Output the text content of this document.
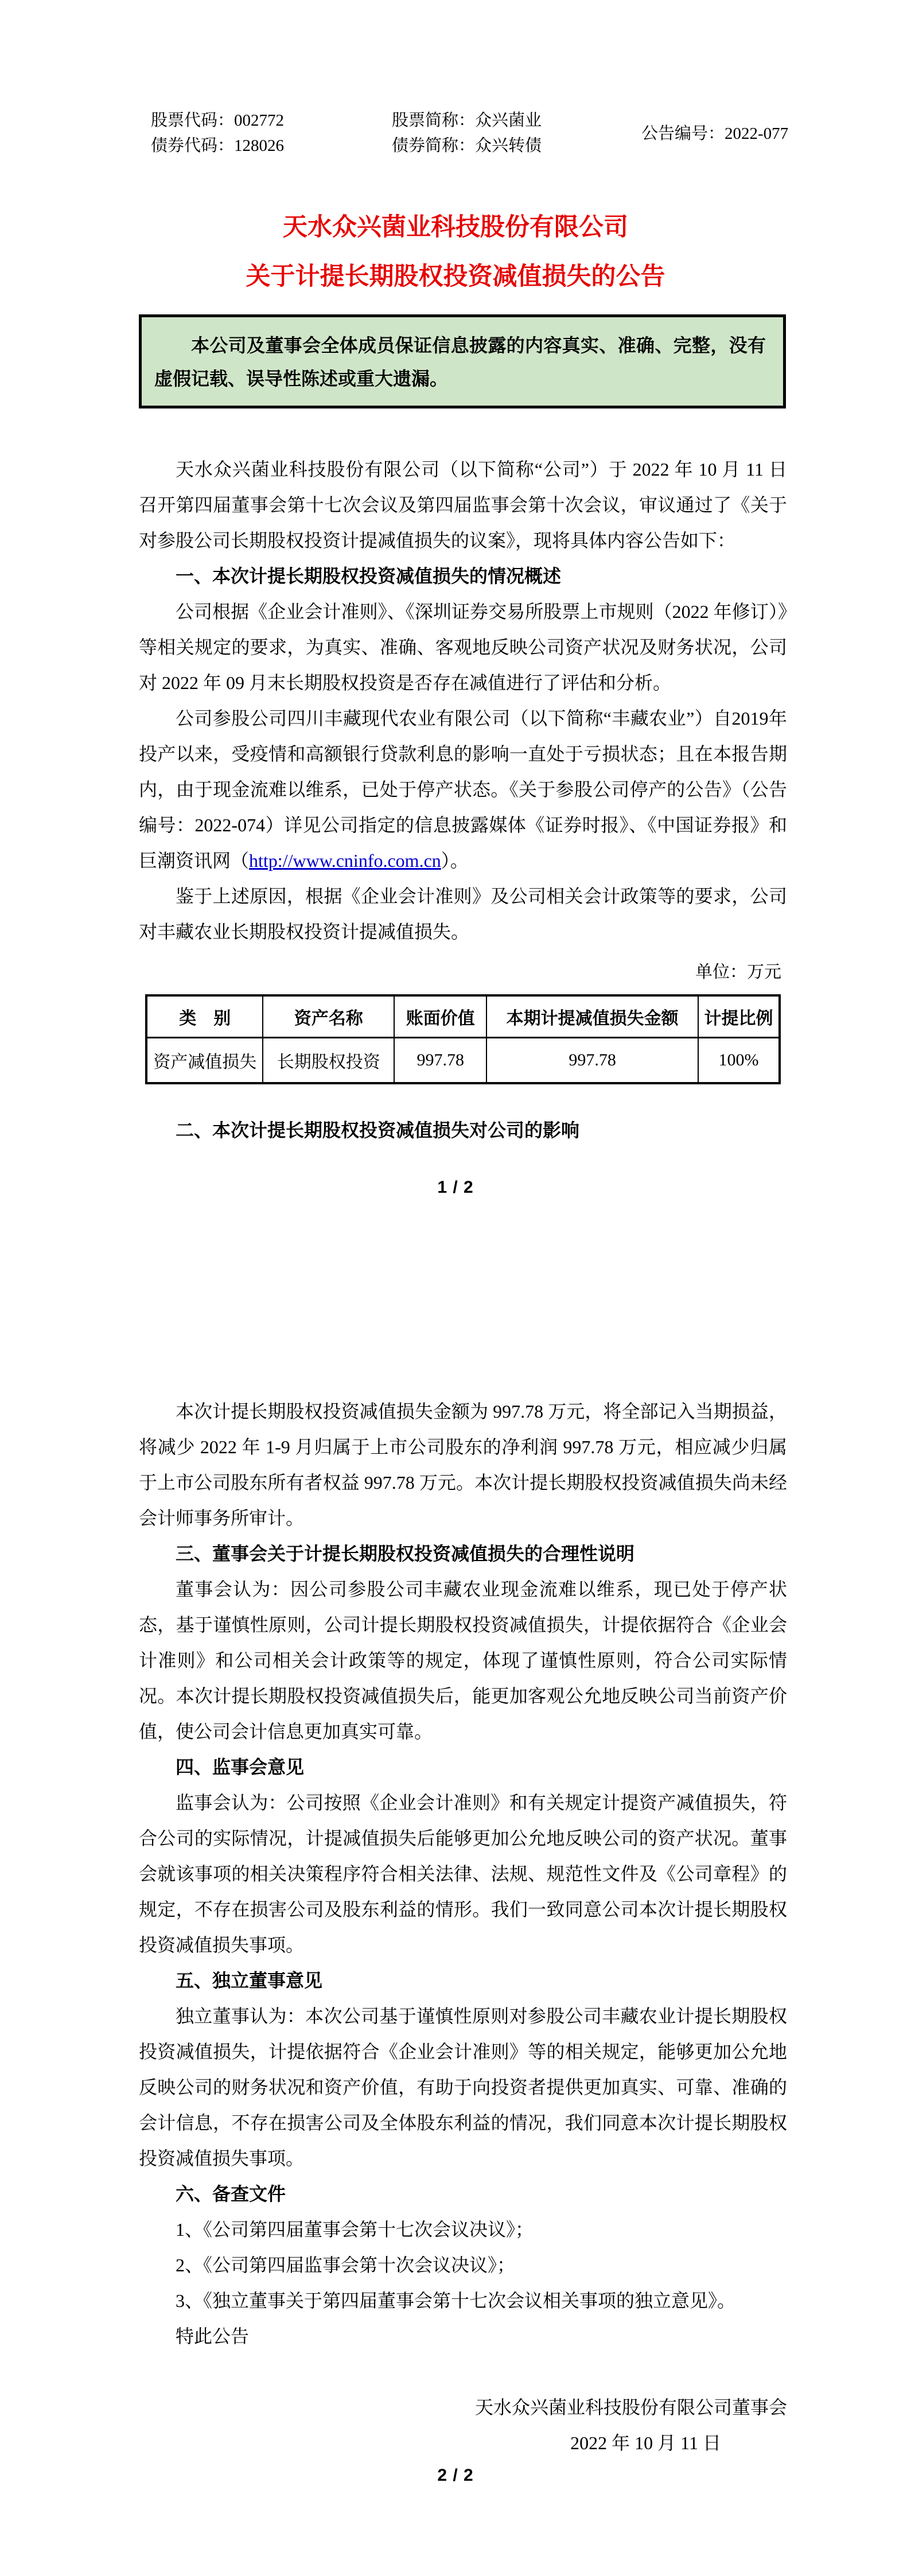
股票代码：002772
债券代码：128026
股票简称：众兴菌业
债券简称：众兴转债
公告编号：2022-077
天水众兴菌业科技股份有限公司
关于计提长期股权投资减值损失的公告

本公司及董事会全体成员保证信息披露的内容真实、准确、完整，没有虚假记载、误导性陈述或重大遗漏。

天水众兴菌业科技股份有限公司（以下简称“公司”）于 2022 年 10 月 11 日召开第四届董事会第十七次会议及第四届监事会第十次会议，审议通过了《关于对参股公司长期股权投资计提减值损失的议案》，现将具体内容公告如下：

一、本次计提长期股权投资减值损失的情况概述

公司根据《企业会计准则》、《深圳证券交易所股票上市规则（2022 年修订）》等相关规定的要求，为真实、准确、客观地反映公司资产状况及财务状况，公司对 2022 年 09 月末长期股权投资是否存在减值进行了评估和分析。

公司参股公司四川丰藏现代农业有限公司（以下简称“丰藏农业”）自2019年投产以来，受疫情和高额银行贷款利息的影响一直处于亏损状态；且在本报告期内，由于现金流难以维系，已处于停产状态。《关于参股公司停产的公告》（公告编号：2022-074）详见公司指定的信息披露媒体《证券时报》、《中国证券报》和巨潮资讯网（http://www.cninfo.com.cn）。

鉴于上述原因，根据《企业会计准则》及公司相关会计政策等的要求，公司对丰藏农业长期股权投资计提减值损失。

单位：万元
类　别	资产名称	账面价值	本期计提减值损失金额	计提比例
资产减值损失	长期股权投资	997.78	997.78	100%

二、本次计提长期股权投资减值损失对公司的影响

1 / 2

本次计提长期股权投资减值损失金额为 997.78 万元，将全部记入当期损益，将减少 2022 年 1-9 月归属于上市公司股东的净利润 997.78 万元，相应减少归属于上市公司股东所有者权益 997.78 万元。本次计提长期股权投资减值损失尚未经会计师事务所审计。

三、董事会关于计提长期股权投资减值损失的合理性说明

董事会认为：因公司参股公司丰藏农业现金流难以维系，现已处于停产状态，基于谨慎性原则，公司计提长期股权投资减值损失，计提依据符合《企业会计准则》和公司相关会计政策等的规定，体现了谨慎性原则，符合公司实际情况。本次计提长期股权投资减值损失后，能更加客观公允地反映公司当前资产价值，使公司会计信息更加真实可靠。

四、监事会意见

监事会认为：公司按照《企业会计准则》和有关规定计提资产减值损失，符合公司的实际情况，计提减值损失后能够更加公允地反映公司的资产状况。董事会就该事项的相关决策程序符合相关法律、法规、规范性文件及《公司章程》的规定，不存在损害公司及股东利益的情形。我们一致同意公司本次计提长期股权投资减值损失事项。

五、独立董事意见

独立董事认为：本次公司基于谨慎性原则对参股公司丰藏农业计提长期股权投资减值损失，计提依据符合《企业会计准则》等的相关规定，能够更加公允地反映公司的财务状况和资产价值，有助于向投资者提供更加真实、可靠、准确的会计信息，不存在损害公司及全体股东利益的情况，我们同意本次计提长期股权投资减值损失事项。

六、备查文件

1、《公司第四届董事会第十七次会议决议》；

2、《公司第四届监事会第十次会议决议》；

3、《独立董事关于第四届董事会第十七次会议相关事项的独立意见》。

特此公告

天水众兴菌业科技股份有限公司董事会
2022 年 10 月 11 日
2 / 2
